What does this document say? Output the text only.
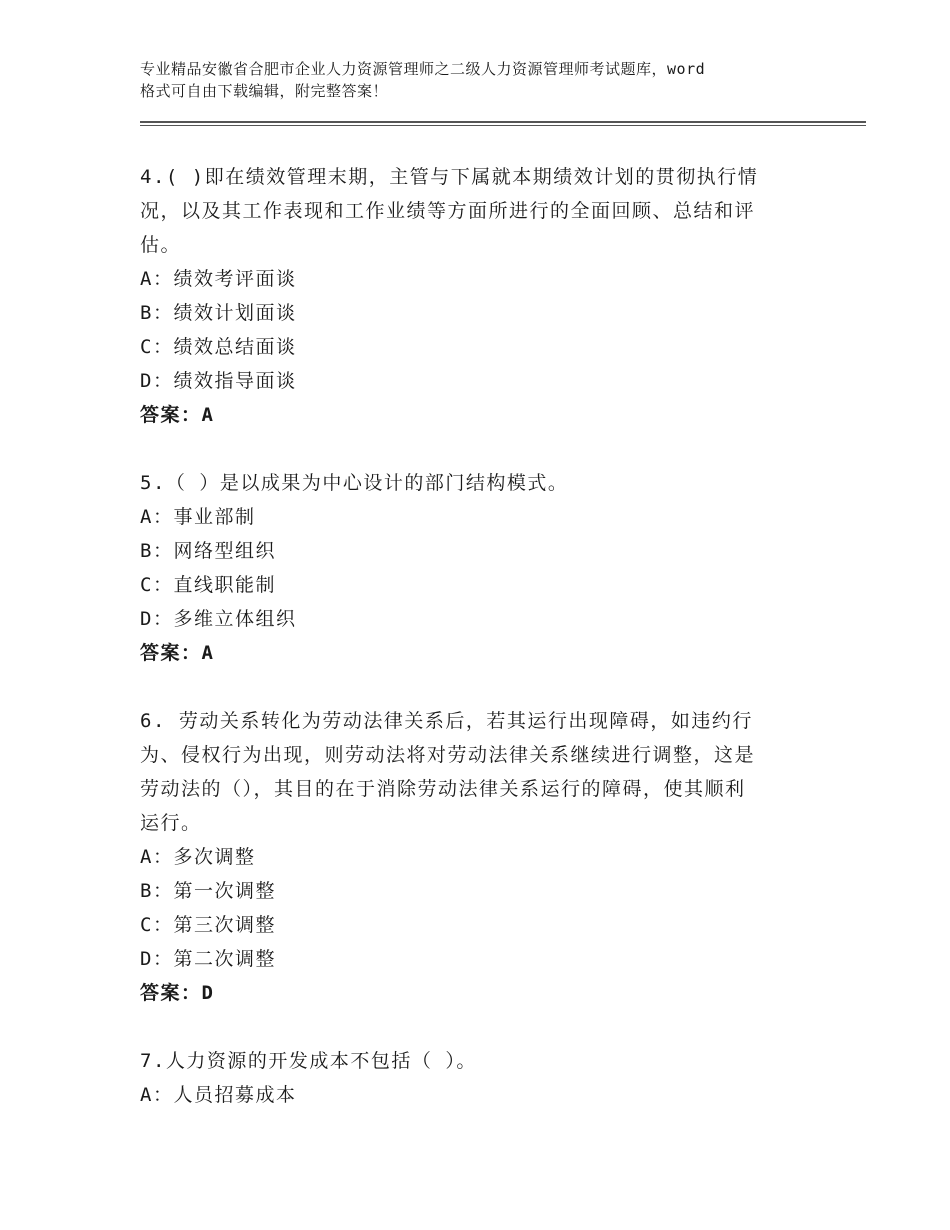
专业精品安徽省合肥市企业人力资源管理师之二级人力资源管理师考试题库，word
格式可自由下载编辑，附完整答案！
4.( )即在绩效管理末期，主管与下属就本期绩效计划的贯彻执行情
况，以及其工作表现和工作业绩等方面所进行的全面回顾、总结和评
估。
A：绩效考评面谈
B：绩效计划面谈
C：绩效总结面谈
D：绩效指导面谈
答案：A
5.（ ）是以成果为中心设计的部门结构模式。
A：事业部制
B：网络型组织
C：直线职能制
D：多维立体组织
答案：A
6. 劳动关系转化为劳动法律关系后，若其运行出现障碍，如违约行
为、侵权行为出现，则劳动法将对劳动法律关系继续进行调整，这是
劳动法的（），其目的在于消除劳动法律关系运行的障碍，使其顺利
运行。
A：多次调整
B：第一次调整
C：第三次调整
D：第二次调整
答案：D
7.人力资源的开发成本不包括（ ）。
A：人员招募成本
